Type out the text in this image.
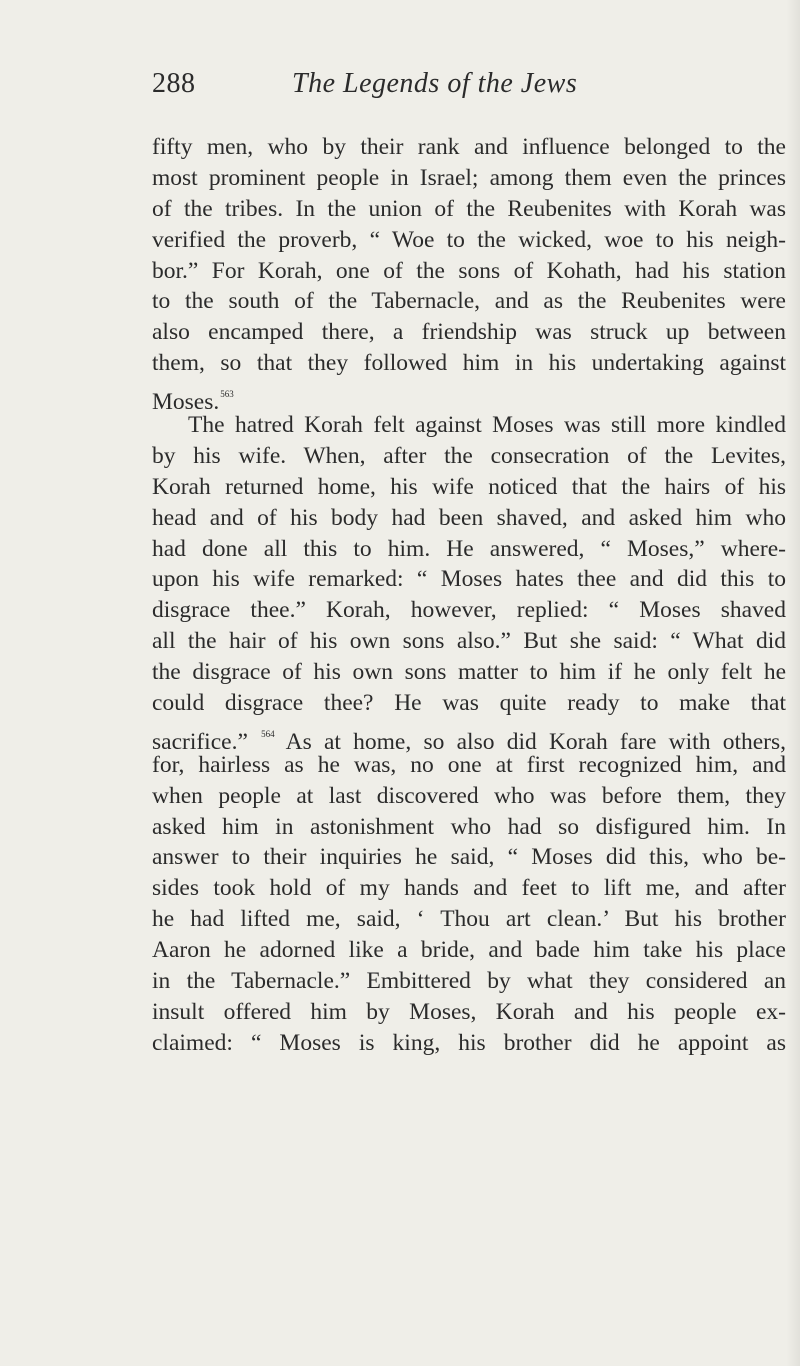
288	The Legends of the Jews
fifty men, who by their rank and influence belonged to the
most prominent people in Israel; among them even the princes
of the tribes. In the union of the Reubenites with Korah was
verified the proverb, “ Woe to the wicked, woe to his neigh-
bor.” For Korah, one of the sons of Kohath, had his station
to the south of the Tabernacle, and as the Reubenites were
also encamped there, a friendship was struck up between
them, so that they followed him in his undertaking against
Moses.$^{563}$
The hatred Korah felt against Moses was still more kindled
by his wife. When, after the consecration of the Levites,
Korah returned home, his wife noticed that the hairs of his
head and of his body had been shaved, and asked him who
had done all this to him. He answered, “ Moses,” where-
upon his wife remarked: “ Moses hates thee and did this to
disgrace thee.” Korah, however, replied: “ Moses shaved
all the hair of his own sons also.” But she said: “ What did
the disgrace of his own sons matter to him if he only felt he
could disgrace thee? He was quite ready to make that
sacrifice.” $^{564}$ As at home, so also did Korah fare with others,
for, hairless as he was, no one at first recognized him, and
when people at last discovered who was before them, they
asked him in astonishment who had so disfigured him. In
answer to their inquiries he said, “ Moses did this, who be-
sides took hold of my hands and feet to lift me, and after
he had lifted me, said, ‘ Thou art clean.’ But his brother
Aaron he adorned like a bride, and bade him take his place
in the Tabernacle.” Embittered by what they considered an
insult offered him by Moses, Korah and his people ex-
claimed: “ Moses is king, his brother did he appoint as
